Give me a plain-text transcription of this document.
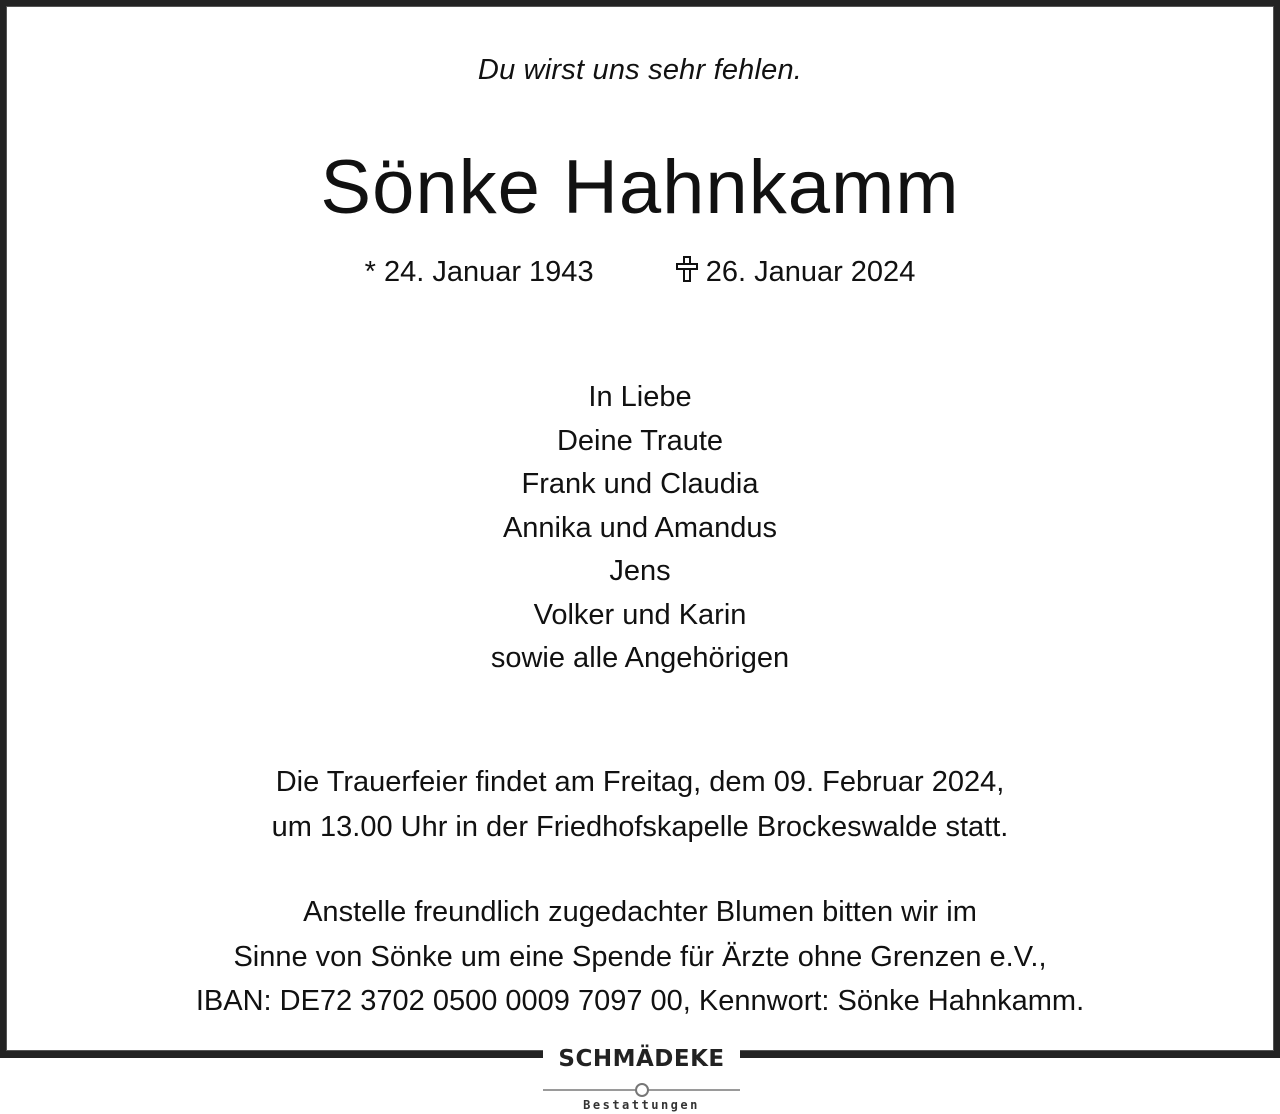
Du wirst uns sehr fehlen.
Sönke Hahnkamm
* 24. Januar 1943	26. Januar 2024
In Liebe
Deine Traute
Frank und Claudia
Annika und Amandus
Jens
Volker und Karin
sowie alle Angehörigen
Die Trauerfeier findet am Freitag, dem 09. Februar 2024,
um 13.00 Uhr in der Friedhofskapelle Brockeswalde statt.
Anstelle freundlich zugedachter Blumen bitten wir im
Sinne von Sönke um eine Spende für Ärzte ohne Grenzen e.V.,
IBAN: DE72 3702 0500 0009 7097 00, Kennwort: Sönke Hahnkamm.
SCHMÄDEKE
Bestattungen
